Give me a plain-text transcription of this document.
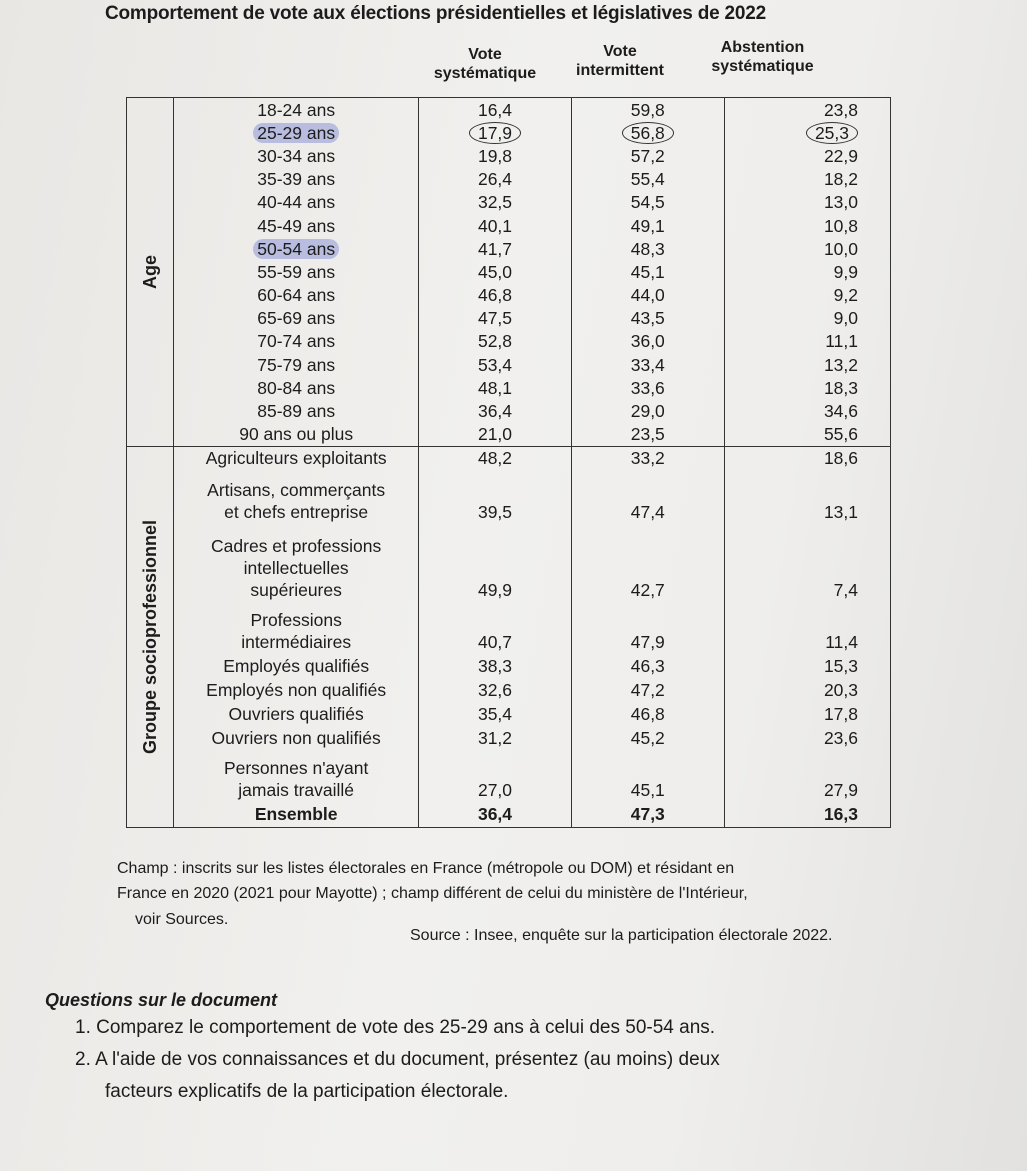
Comportement de vote aux élections présidentielles et législatives de 2022
Vote
systématique
Vote
intermittent
Abstention
systématique
Age	18-24 ans	16,4	59,8	23,8
	25-29 ans	17,9	56,8	25,3
	30-34 ans	19,8	57,2	22,9
	35-39 ans	26,4	55,4	18,2
	40-44 ans	32,5	54,5	13,0
	45-49 ans	40,1	49,1	10,8
	50-54 ans	41,7	48,3	10,0
	55-59 ans	45,0	45,1	9,9
	60-64 ans	46,8	44,0	9,2
	65-69 ans	47,5	43,5	9,0
	70-74 ans	52,8	36,0	11,1
	75-79 ans	53,4	33,4	13,2
	80-84 ans	48,1	33,6	18,3
	85-89 ans	36,4	29,0	34,6
	90 ans ou plus	21,0	23,5	55,6

Groupe socioprofessionnel	Agriculteurs exploitants	48,2	33,2	18,6

	Artisans, commerçants
et chefs entreprise	39,5	47,4	13,1

	Cadres et professions
intellectuelles
supérieures	49,9	42,7	7,4

	Professions
intermédiaires	40,7	47,9	11,4

	Employés qualifiés	38,3	46,3	15,3

	Employés non qualifiés	32,6	47,2	20,3

	Ouvriers qualifiés	35,4	46,8	17,8

	Ouvriers non qualifiés	31,2	45,2	23,6

	Personnes n'ayant
jamais travaillé	27,0	45,1	27,9
	Ensemble	36,4	47,3	16,3
Champ : inscrits sur les listes électorales en France (métropole ou DOM) et résidant en
France en 2020 (2021 pour Mayotte) ; champ différent de celui du ministère de l'Intérieur,
voir Sources.
Source : Insee, enquête sur la participation électorale 2022.
Questions sur le document
1. Comparez le comportement de vote des 25-29 ans à celui des 50-54 ans.
2. A l'aide de vos connaissances et du document, présentez (au moins) deux
facteurs explicatifs de la participation électorale.
